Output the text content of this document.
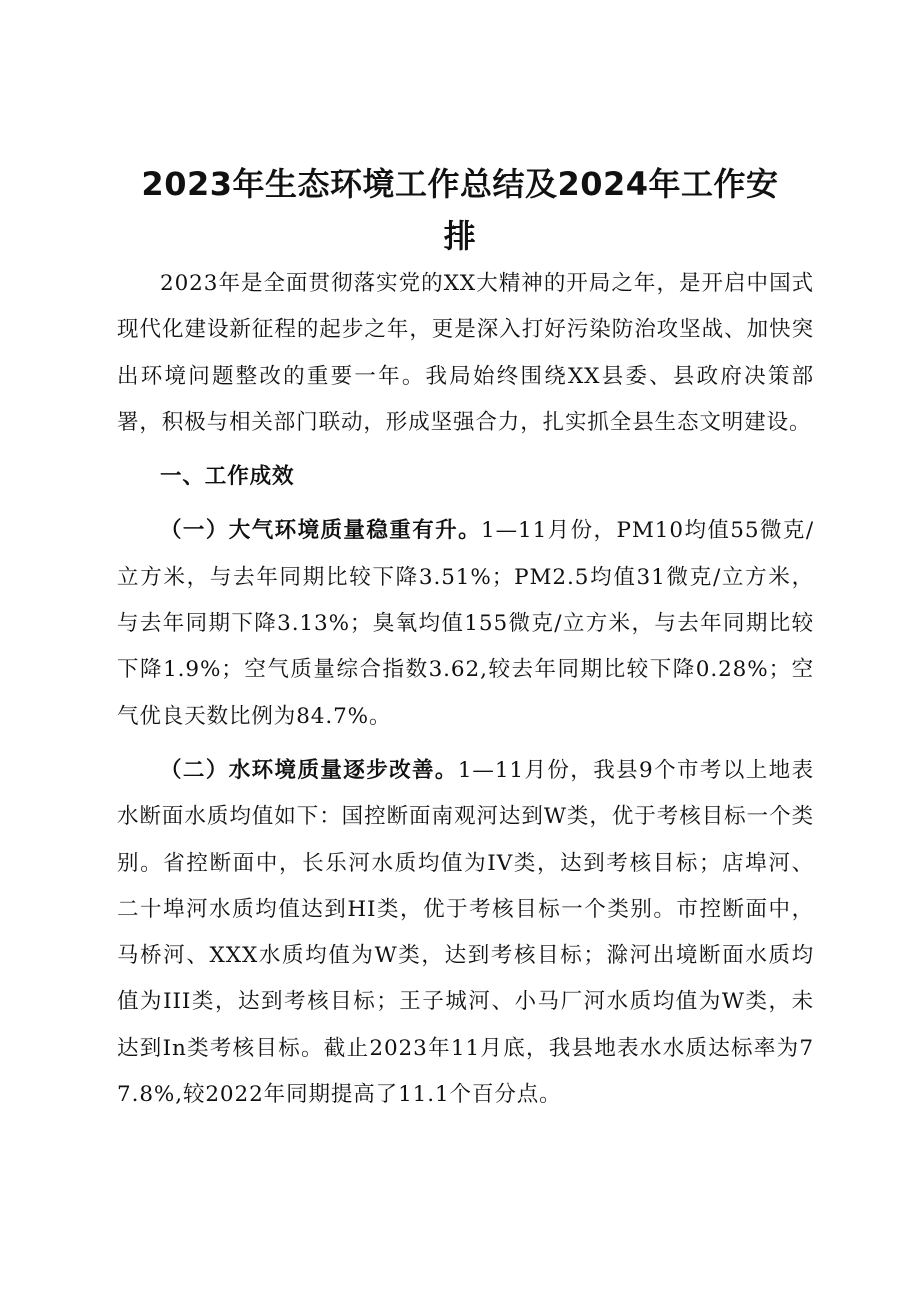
2023年生态环境工作总结及2024年工作安
排

2023年是全面贯彻落实党的XX大精神的开局之年，是开启中国式现代化建设新征程的起步之年，更是深入打好污染防治攻坚战、加快突出环境问题整改的重要一年。我局始终围绕XX县委、县政府决策部署，积极与相关部门联动，形成坚强合力，扎实抓全县生态文明建设。

一、工作成效

（一）大气环境质量稳重有升。1—11月份，PM10均值55微克/立方米，与去年同期比较下降3.51%；PM2.5均值31微克/立方米，与去年同期下降3.13%；臭氧均值155微克/立方米，与去年同期比较下降1.9%；空气质量综合指数3.62,较去年同期比较下降0.28%；空气优良天数比例为84.7%。

（二）水环境质量逐步改善。1—11月份，我县9个市考以上地表水断面水质均值如下：国控断面南观河达到W类，优于考核目标一个类别。省控断面中，长乐河水质均值为IV类，达到考核目标；店埠河、二十埠河水质均值达到HI类，优于考核目标一个类别。市控断面中，马桥河、XXX水质均值为W类，达到考核目标；滁河出境断面水质均值为III类，达到考核目标；王子城河、小马厂河水质均值为W类，未达到In类考核目标。截止2023年11月底，我县地表水水质达标率为77.8%,较2022年同期提高了11.1个百分点。
